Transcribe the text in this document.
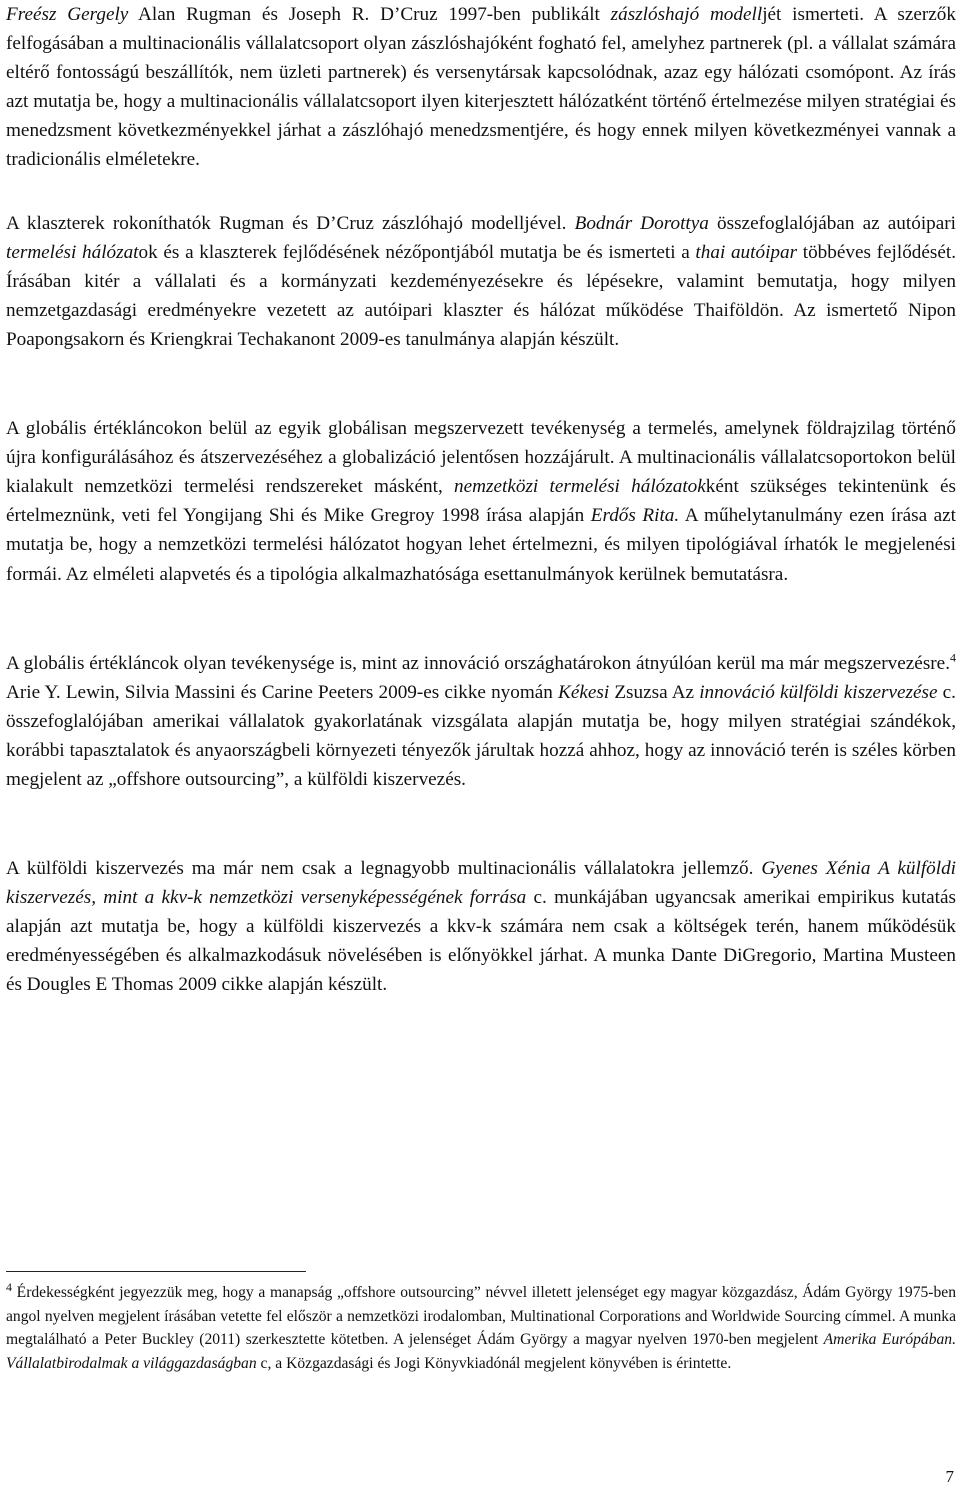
Freész Gergely Alan Rugman és Joseph R. D’Cruz 1997-ben publikált zászlóshajó modelljét ismerteti. A szerzők felfogásában a multinacionális vállalatcsoport olyan zászlóshajóként fogható fel, amelyhez partnerek (pl. a vállalat számára eltérő fontosságú beszállítók, nem üzleti partnerek) és versenytársak kapcsolódnak, azaz egy hálózati csomópont. Az írás azt mutatja be, hogy a multinacionális vállalatcsoport ilyen kiterjesztett hálózatként történő értelmezése milyen stratégiai és menedzsment következményekkel járhat a zászlóhajó menedzsmentjére, és hogy ennek milyen következményei vannak a tradicionális elméletekre.

A klaszterek rokoníthatók Rugman és D’Cruz zászlóhajó modelljével. Bodnár Dorottya összefoglalójában az autóipari termelési hálózatok és a klaszterek fejlődésének nézőpontjából mutatja be és ismerteti a thai autóipar többéves fejlődését. Írásában kitér a vállalati és a kormányzati kezdeményezésekre és lépésekre, valamint bemutatja, hogy milyen nemzetgazdasági eredményekre vezetett az autóipari klaszter és hálózat működése Thaiföldön. Az ismertető Nipon Poapongsakorn és Kriengkrai Techakanont 2009-es tanulmánya alapján készült.

A globális értékláncokon belül az egyik globálisan megszervezett tevékenység a termelés, amelynek földrajzilag történő újra konfigurálásához és átszervezéséhez a globalizáció jelentősen hozzájárult. A multinacionális vállalatcsoportokon belül kialakult nemzetközi termelési rendszereket másként, nemzetközi termelési hálózatokként szükséges tekintenünk és értelmeznünk, veti fel Yongijang Shi és Mike Gregroy 1998 írása alapján Erdős Rita. A műhelytanulmány ezen írása azt mutatja be, hogy a nemzetközi termelési hálózatot hogyan lehet értelmezni, és milyen tipológiával írhatók le megjelenési formái. Az elméleti alapvetés és a tipológia alkalmazhatósága esettanulmányok kerülnek bemutatásra.

A globális értékláncok olyan tevékenysége is, mint az innováció országhatárokon átnyúlóan kerül ma már megszervezésre.$^4$ Arie Y. Lewin, Silvia Massini és Carine Peeters 2009-es cikke nyomán Kékesi Zsuzsa Az innováció külföldi kiszervezése c. összefoglalójában amerikai vállalatok gyakorlatának vizsgálata alapján mutatja be, hogy milyen stratégiai szándékok, korábbi tapasztalatok és anyaországbeli környezeti tényezők járultak hozzá ahhoz, hogy az innováció terén is széles körben megjelent az „offshore outsourcing”, a külföldi kiszervezés.

A külföldi kiszervezés ma már nem csak a legnagyobb multinacionális vállalatokra jellemző. Gyenes Xénia A külföldi kiszervezés, mint a kkv-k nemzetközi versenyképességének forrása c. munkájában ugyancsak amerikai empirikus kutatás alapján azt mutatja be, hogy a külföldi kiszervezés a kkv-k számára nem csak a költségek terén, hanem működésük eredményességében és alkalmazkodásuk növelésében is előnyökkel járhat. A munka Dante DiGregorio, Martina Musteen és Dougles E Thomas 2009 cikke alapján készült.

$^4$ Érdekességként jegyezzük meg, hogy a manapság „offshore outsourcing” névvel illetett jelenséget egy magyar közgazdász, Ádám György 1975-ben angol nyelven megjelent írásában vetette fel először a nemzetközi irodalomban, Multinational Corporations and Worldwide Sourcing címmel. A munka megtalálható a Peter Buckley (2011) szerkesztette kötetben. A jelenséget Ádám György a magyar nyelven 1970-ben megjelent Amerika Európában. Vállalatbirodalmak a világgazdaságban c, a Közgazdasági és Jogi Könyvkiadónál megjelent könyvében is érintette.

7
